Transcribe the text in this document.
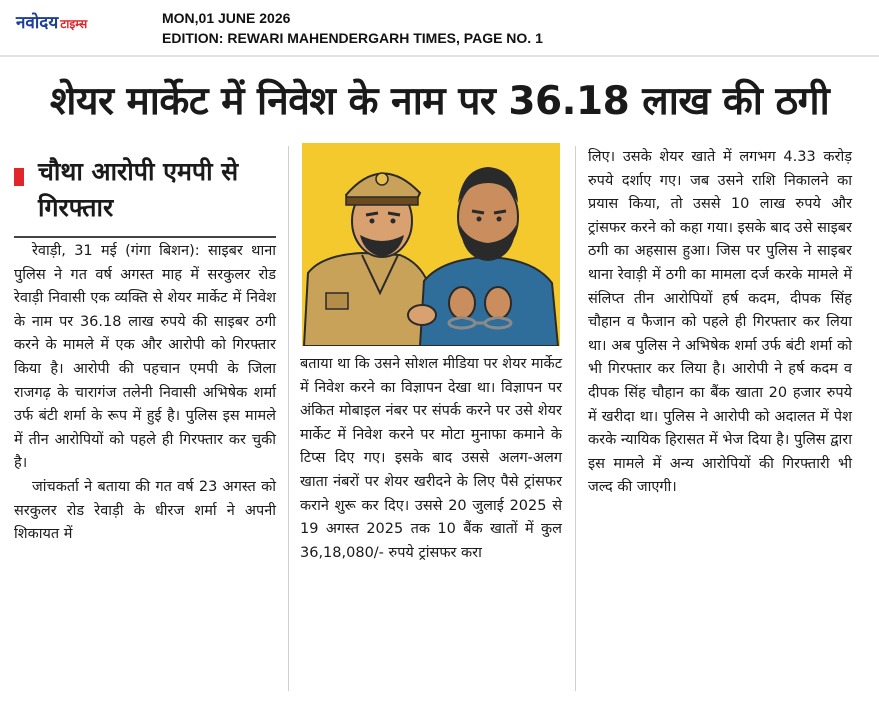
नवोदय टाइम्स	MON,01 JUNE 2026
EDITION: REWARI MAHENDERGARH TIMES, PAGE NO. 1
शेयर मार्केट में निवेश के नाम पर 36.18 लाख की ठगी
चौथा आरोपी एमपी से गिरफ्तार

रेवाड़ी, 31 मई (गंगा बिशन): साइबर थाना पुलिस ने गत वर्ष अगस्त माह में सरकुलर रोड रेवाड़ी निवासी एक व्यक्ति से शेयर मार्केट में निवेश के नाम पर 36.18 लाख रुपये की साइबर ठगी करने के मामले में एक और आरोपी को गिरफ्तार किया है। आरोपी की पहचान एमपी के जिला राजगढ़ के चारागंज तलेनी निवासी अभिषेक शर्मा उर्फ बंटी शर्मा के रूप में हुई है। पुलिस इस मामले में तीन आरोपियों को पहले ही गिरफ्तार कर चुकी है।

जांचकर्ता ने बताया की गत वर्ष 23 अगस्त को सरकुलर रोड रेवाड़ी के धीरज शर्मा ने अपनी शिकायत में

बताया था कि उसने सोशल मीडिया पर शेयर मार्केट में निवेश करने का विज्ञापन देखा था। विज्ञापन पर अंकित मोबाइल नंबर पर संपर्क करने पर उसे शेयर मार्केट में निवेश करने पर मोटा मुनाफा कमाने के टिप्स दिए गए। इसके बाद उससे अलग-अलग खाता नंबरों पर शेयर खरीदने के लिए पैसे ट्रांसफर कराने शुरू कर दिए। उससे 20 जुलाई 2025 से 19 अगस्त 2025 तक 10 बैंक खातों में कुल 36,18,080/- रुपये ट्रांसफर करा

लिए। उसके शेयर खाते में लगभग 4.33 करोड़ रुपये दर्शाए गए। जब उसने राशि निकालने का प्रयास किया, तो उससे 10 लाख रुपये और ट्रांसफर करने को कहा गया। इसके बाद उसे साइबर ठगी का अहसास हुआ। जिस पर पुलिस ने साइबर थाना रेवाड़ी में ठगी का मामला दर्ज करके मामले में संलिप्त तीन आरोपियों हर्ष कदम, दीपक सिंह चौहान व फैजान को पहले ही गिरफ्तार कर लिया था। अब पुलिस ने अभिषेक शर्मा उर्फ बंटी शर्मा को भी गिरफ्तार कर लिया है। आरोपी ने हर्ष कदम व दीपक सिंह चौहान का बैंक खाता 20 हजार रुपये में खरीदा था। पुलिस ने आरोपी को अदालत में पेश करके न्यायिक हिरासत में भेज दिया है। पुलिस द्वारा इस मामले में अन्य आरोपियों की गिरफ्तारी भी जल्द की जाएगी।
